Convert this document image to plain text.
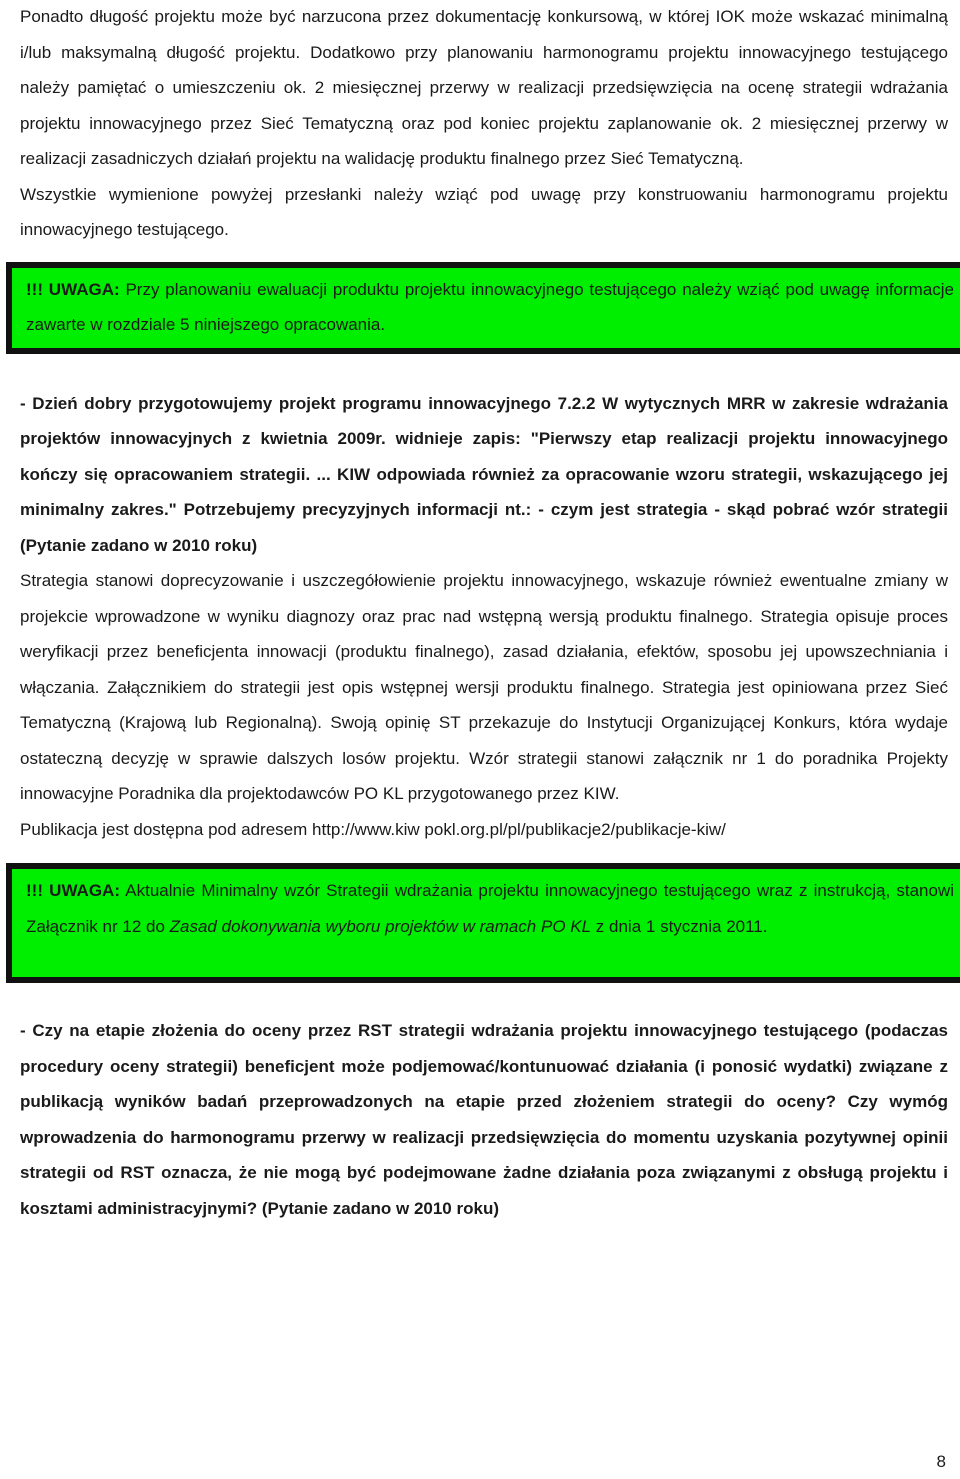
Ponadto długość projektu może być narzucona przez dokumentację konkursową, w której IOK może wskazać minimalną i/lub maksymalną długość projektu. Dodatkowo przy planowaniu harmonogramu projektu innowacyjnego testującego należy pamiętać o umieszczeniu ok. 2 miesięcznej przerwy w realizacji przedsięwzięcia na ocenę strategii wdrażania projektu innowacyjnego przez Sieć Tematyczną oraz pod koniec projektu zaplanowanie ok. 2 miesięcznej przerwy w realizacji zasadniczych działań projektu na walidację produktu finalnego przez Sieć Tematyczną.

Wszystkie wymienione powyżej przesłanki należy wziąć pod uwagę przy konstruowaniu harmonogramu projektu innowacyjnego testującego.

!!! UWAGA: Przy planowaniu ewaluacji produktu projektu innowacyjnego testującego należy wziąć pod uwagę informacje zawarte w rozdziale 5 niniejszego opracowania.

- Dzień dobry przygotowujemy projekt programu innowacyjnego 7.2.2 W wytycznych MRR w zakresie wdrażania projektów innowacyjnych z kwietnia 2009r. widnieje zapis: "Pierwszy etap realizacji projektu innowacyjnego kończy się opracowaniem strategii. ... KIW odpowiada również za opracowanie wzoru strategii, wskazującego jej minimalny zakres." Potrzebujemy precyzyjnych informacji nt.: - czym jest strategia - skąd pobrać wzór strategii (Pytanie zadano w 2010 roku)

Strategia stanowi doprecyzowanie i uszczegółowienie projektu innowacyjnego, wskazuje również ewentualne zmiany w projekcie wprowadzone w wyniku diagnozy oraz prac nad wstępną wersją produktu finalnego. Strategia opisuje proces weryfikacji przez beneficjenta innowacji (produktu finalnego), zasad działania, efektów, sposobu jej upowszechniania i włączania. Załącznikiem do strategii jest opis wstępnej wersji produktu finalnego. Strategia jest opiniowana przez Sieć Tematyczną (Krajową lub Regionalną). Swoją opinię ST przekazuje do Instytucji Organizującej Konkurs, która wydaje ostateczną decyzję w sprawie dalszych losów projektu. Wzór strategii stanowi załącznik nr 1 do poradnika Projekty innowacyjne Poradnika dla projektodawców PO KL przygotowanego przez KIW.

Publikacja jest dostępna pod adresem http://www.kiw pokl.org.pl/pl/publikacje2/publikacje-kiw/

!!! UWAGA: Aktualnie Minimalny wzór Strategii wdrażania projektu innowacyjnego testującego wraz z instrukcją, stanowi Załącznik nr 12 do Zasad dokonywania wyboru projektów w ramach PO KL z dnia 1 stycznia 2011.

- Czy na etapie złożenia do oceny przez RST strategii wdrażania projektu innowacyjnego testującego (podaczas procedury oceny strategii) beneficjent może podjemować/kontunuować działania (i ponosić wydatki) związane z publikacją wyników badań przeprowadzonych na etapie przed złożeniem strategii do oceny? Czy wymóg wprowadzenia do harmonogramu przerwy w realizacji przedsięwzięcia do momentu uzyskania pozytywnej opinii strategii od RST oznacza, że nie mogą być podejmowane żadne działania poza związanymi z obsługą projektu i kosztami administracyjnymi? (Pytanie zadano w 2010 roku)

8
